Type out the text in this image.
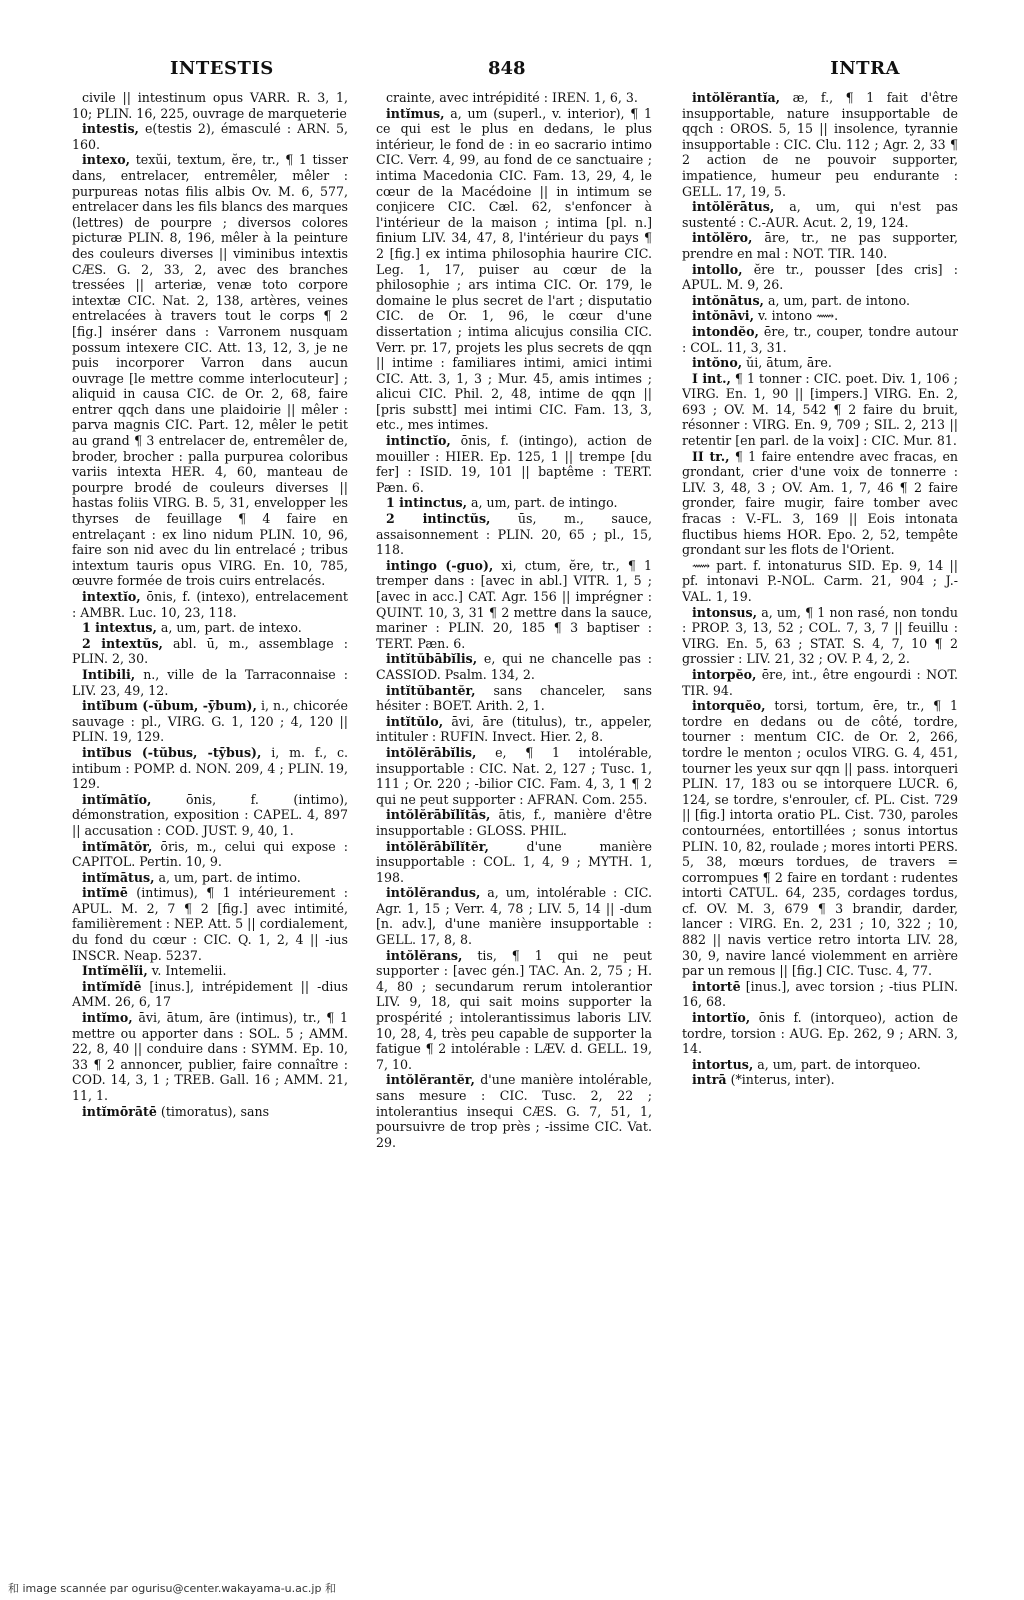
INTESTIS	848	INTRA

civile || intestinum opus VARR. R. 3, 1, 10; PLIN. 16, 225, ouvrage de marqueterie

intestis, e(testis 2), émasculé : ARN. 5, 160.

intexo, texŭi, textum, ĕre, tr., ¶ 1 tisser dans, entrelacer, entremêler, mêler : purpureas notas filis albis Ov. M. 6, 577, entrelacer dans les fils blancs des marques (lettres) de pourpre ; diversos colores picturæ PLIN. 8, 196, mêler à la peinture des couleurs diverses || viminibus intextis CÆS. G. 2, 33, 2, avec des branches tressées || arteriæ, venæ toto corpore intextæ CIC. Nat. 2, 138, artères, veines entrelacées à travers tout le corps ¶ 2 [fig.] insérer dans : Varronem nusquam possum intexere CIC. Att. 13, 12, 3, je ne puis incorporer Varron dans aucun ouvrage [le mettre comme interlocuteur] ; aliquid in causa CIC. de Or. 2, 68, faire entrer qqch dans une plaidoirie || mêler : parva magnis CIC. Part. 12, mêler le petit au grand ¶ 3 entrelacer de, entremêler de, broder, brocher : palla purpurea coloribus variis intexta HER. 4, 60, manteau de pourpre brodé de couleurs diverses || hastas foliis VIRG. B. 5, 31, envelopper les thyrses de feuillage ¶ 4 faire en entrelaçant : ex lino nidum PLIN. 10, 96, faire son nid avec du lin entrelacé ; tribus intextum tauris opus VIRG. En. 10, 785, œuvre formée de trois cuirs entrelacés.

intextĭo, ōnis, f. (intexo), entrelacement : AMBR. Luc. 10, 23, 118.

1 intextus, a, um, part. de intexo.

2 intextŭs, abl. ū, m., assemblage : PLIN. 2, 30.

Intibili, n., ville de la Tarraconnaise : LIV. 23, 49, 12.

intĭbum (-ŭbum, -ȳbum), i, n., chicorée sauvage : pl., VIRG. G. 1, 120 ; 4, 120 || PLIN. 19, 129.

intĭbus (-tŭbus, -tȳbus), i, m. f., c. intibum : POMP. d. NON. 209, 4 ; PLIN. 19, 129.

intĭmātĭo, ōnis, f. (intimo), démonstration, exposition : CAPEL. 4, 897 || accusation : COD. JUST. 9, 40, 1.

intĭmātŏr, ōris, m., celui qui expose : CAPITOL. Pertin. 10, 9.

intĭmātus, a, um, part. de intimo.

intĭmē (intimus), ¶ 1 intérieurement : APUL. M. 2, 7 ¶ 2 [fig.] avec intimité, familièrement : NEP. Att. 5 || cordialement, du fond du cœur : CIC. Q. 1, 2, 4 || -ius INSCR. Neap. 5237.

Intĭmĕlĭi, v. Intemelii.

intĭmĭdē [inus.], intrépidement || -dius AMM. 26, 6, 17

intĭmo, āvi, ātum, āre (intimus), tr., ¶ 1 mettre ou apporter dans : SOL. 5 ; AMM. 22, 8, 40 || conduire dans : SYMM. Ep. 10, 33 ¶ 2 annoncer, publier, faire connaître : COD. 14, 3, 1 ; TREB. Gall. 16 ; AMM. 21, 11, 1.

intĭmōrātē (timoratus), sans

crainte, avec intrépidité : IREN. 1, 6, 3.

intĭmus, a, um (superl., v. interior), ¶ 1 ce qui est le plus en dedans, le plus intérieur, le fond de : in eo sacrario intimo CIC. Verr. 4, 99, au fond de ce sanctuaire ; intima Macedonia CIC. Fam. 13, 29, 4, le cœur de la Macédoine || in intimum se conjicere CIC. Cæl. 62, s'enfoncer à l'intérieur de la maison ; intima [pl. n.] finium LIV. 34, 47, 8, l'intérieur du pays ¶ 2 [fig.] ex intima philosophia haurire CIC. Leg. 1, 17, puiser au cœur de la philosophie ; ars intima CIC. Or. 179, le domaine le plus secret de l'art ; disputatio CIC. de Or. 1, 96, le cœur d'une dissertation ; intima alicujus consilia CIC. Verr. pr. 17, projets les plus secrets de qqn || intime : familiares intimi, amici intimi CIC. Att. 3, 1, 3 ; Mur. 45, amis intimes ; alicui CIC. Phil. 2, 48, intime de qqn || [pris substt] mei intimi CIC. Fam. 13, 3, etc., mes intimes.

intinctĭo, ōnis, f. (intingo), action de mouiller : HIER. Ep. 125, 1 || trempe [du fer] : ISID. 19, 101 || baptême : TERT. Pæn. 6.

1 intinctus, a, um, part. de intingo.

2 intinctŭs, ūs, m., sauce, assaisonnement : PLIN. 20, 65 ; pl., 15, 118.

intingo (-guo), xi, ctum, ĕre, tr., ¶ 1 tremper dans : [avec in abl.] VITR. 1, 5 ; [avec in acc.] CAT. Agr. 156 || imprégner : QUINT. 10, 3, 31 ¶ 2 mettre dans la sauce, mariner : PLIN. 20, 185 ¶ 3 baptiser : TERT. Pæn. 6.

intĭtŭbābĭlis, e, qui ne chancelle pas : CASSIOD. Psalm. 134, 2.

intĭtŭbantĕr, sans chanceler, sans hésiter : BOET. Arith. 2, 1.

intĭtŭlo, āvi, āre (titulus), tr., appeler, intituler : RUFIN. Invect. Hier. 2, 8.

intŏlĕrābĭlis, e, ¶ 1 intolérable, insupportable : CIC. Nat. 2, 127 ; Tusc. 1, 111 ; Or. 220 ; -bilior CIC. Fam. 4, 3, 1 ¶ 2 qui ne peut supporter : AFRAN. Com. 255.

intŏlĕrābĭlĭtās, ātis, f., manière d'être insupportable : GLOSS. PHIL.

intŏlĕrābĭlĭtĕr, d'une manière insupportable : COL. 1, 4, 9 ; MYTH. 1, 198.

intŏlĕrandus, a, um, intolérable : CIC. Agr. 1, 15 ; Verr. 4, 78 ; LIV. 5, 14 || -dum [n. adv.], d'une manière insupportable : GELL. 17, 8, 8.

intŏlĕrans, tis, ¶ 1 qui ne peut supporter : [avec gén.] TAC. An. 2, 75 ; H. 4, 80 ; secundarum rerum intolerantior LIV. 9, 18, qui sait moins supporter la prospérité ; intolerantissimus laboris LIV. 10, 28, 4, très peu capable de supporter la fatigue ¶ 2 intolérable : LÆV. d. GELL. 19, 7, 10.

intŏlĕrantĕr, d'une manière intolérable, sans mesure : CIC. Tusc. 2, 22 ; intolerantius insequi CÆS. G. 7, 51, 1, poursuivre de trop près ; -issime CIC. Vat. 29.

intŏlĕrantĭa, æ, f., ¶ 1 fait d'être insupportable, nature insupportable de qqch : OROS. 5, 15 || insolence, tyrannie insupportable : CIC. Clu. 112 ; Agr. 2, 33 ¶ 2 action de ne pouvoir supporter, impatience, humeur peu endurante : GELL. 17, 19, 5.

intŏlĕrātus, a, um, qui n'est pas sustenté : C.-AUR. Acut. 2, 19, 124.

intŏlĕro, āre, tr., ne pas supporter, prendre en mal : NOT. TIR. 140.

intollo, ĕre tr., pousser [des cris] : APUL. M. 9, 26.

intŏnātus, a, um, part. de intono.

intŏnāvi, v. intono ⟿.

intondĕo, ēre, tr., couper, tondre autour : COL. 11, 3, 31.

intŏno, ŭi, ātum, āre.

I int., ¶ 1 tonner : CIC. poet. Div. 1, 106 ; VIRG. En. 1, 90 || [impers.] VIRG. En. 2, 693 ; OV. M. 14, 542 ¶ 2 faire du bruit, résonner : VIRG. En. 9, 709 ; SIL. 2, 213 || retentir [en parl. de la voix] : CIC. Mur. 81.

II tr., ¶ 1 faire entendre avec fracas, en grondant, crier d'une voix de tonnerre : LIV. 3, 48, 3 ; OV. Am. 1, 7, 46 ¶ 2 faire gronder, faire mugir, faire tomber avec fracas : V.-FL. 3, 169 || Eois intonata fluctibus hiems HOR. Epo. 2, 52, tempête grondant sur les flots de l'Orient.

⟿ part. f. intonaturus SID. Ep. 9, 14 || pf. intonavi P.-NOL. Carm. 21, 904 ; J.- VAL. 1, 19.

intonsus, a, um, ¶ 1 non rasé, non tondu : PROP. 3, 13, 52 ; COL. 7, 3, 7 || feuillu : VIRG. En. 5, 63 ; STAT. S. 4, 7, 10 ¶ 2 grossier : LIV. 21, 32 ; OV. P. 4, 2, 2.

intorpĕo, ēre, int., être engourdi : NOT. TIR. 94.

intorquĕo, torsi, tortum, ēre, tr., ¶ 1 tordre en dedans ou de côté, tordre, tourner : mentum CIC. de Or. 2, 266, tordre le menton ; oculos VIRG. G. 4, 451, tourner les yeux sur qqn || pass. intorqueri PLIN. 17, 183 ou se intorquere LUCR. 6, 124, se tordre, s'enrouler, cf. PL. Cist. 729 || [fig.] intorta oratio PL. Cist. 730, paroles contournées, entortillées ; sonus intortus PLIN. 10, 82, roulade ; mores intorti PERS. 5, 38, mœurs tordues, de travers = corrompues ¶ 2 faire en tordant : rudentes intorti CATUL. 64, 235, cordages tordus, cf. OV. M. 3, 679 ¶ 3 brandir, darder, lancer : VIRG. En. 2, 231 ; 10, 322 ; 10, 882 || navis vertice retro intorta LIV. 28, 30, 9, navire lancé violemment en arrière par un remous || [fig.] CIC. Tusc. 4, 77.

intortē [inus.], avec torsion ; -tius PLIN. 16, 68.

intortĭo, ōnis f. (intorqueo), action de tordre, torsion : AUG. Ep. 262, 9 ; ARN. 3, 14.

intortus, a, um, part. de intorqueo.

intrā (*interus, inter).

和 image scannée par ogurisu@center.wakayama-u.ac.jp 和
